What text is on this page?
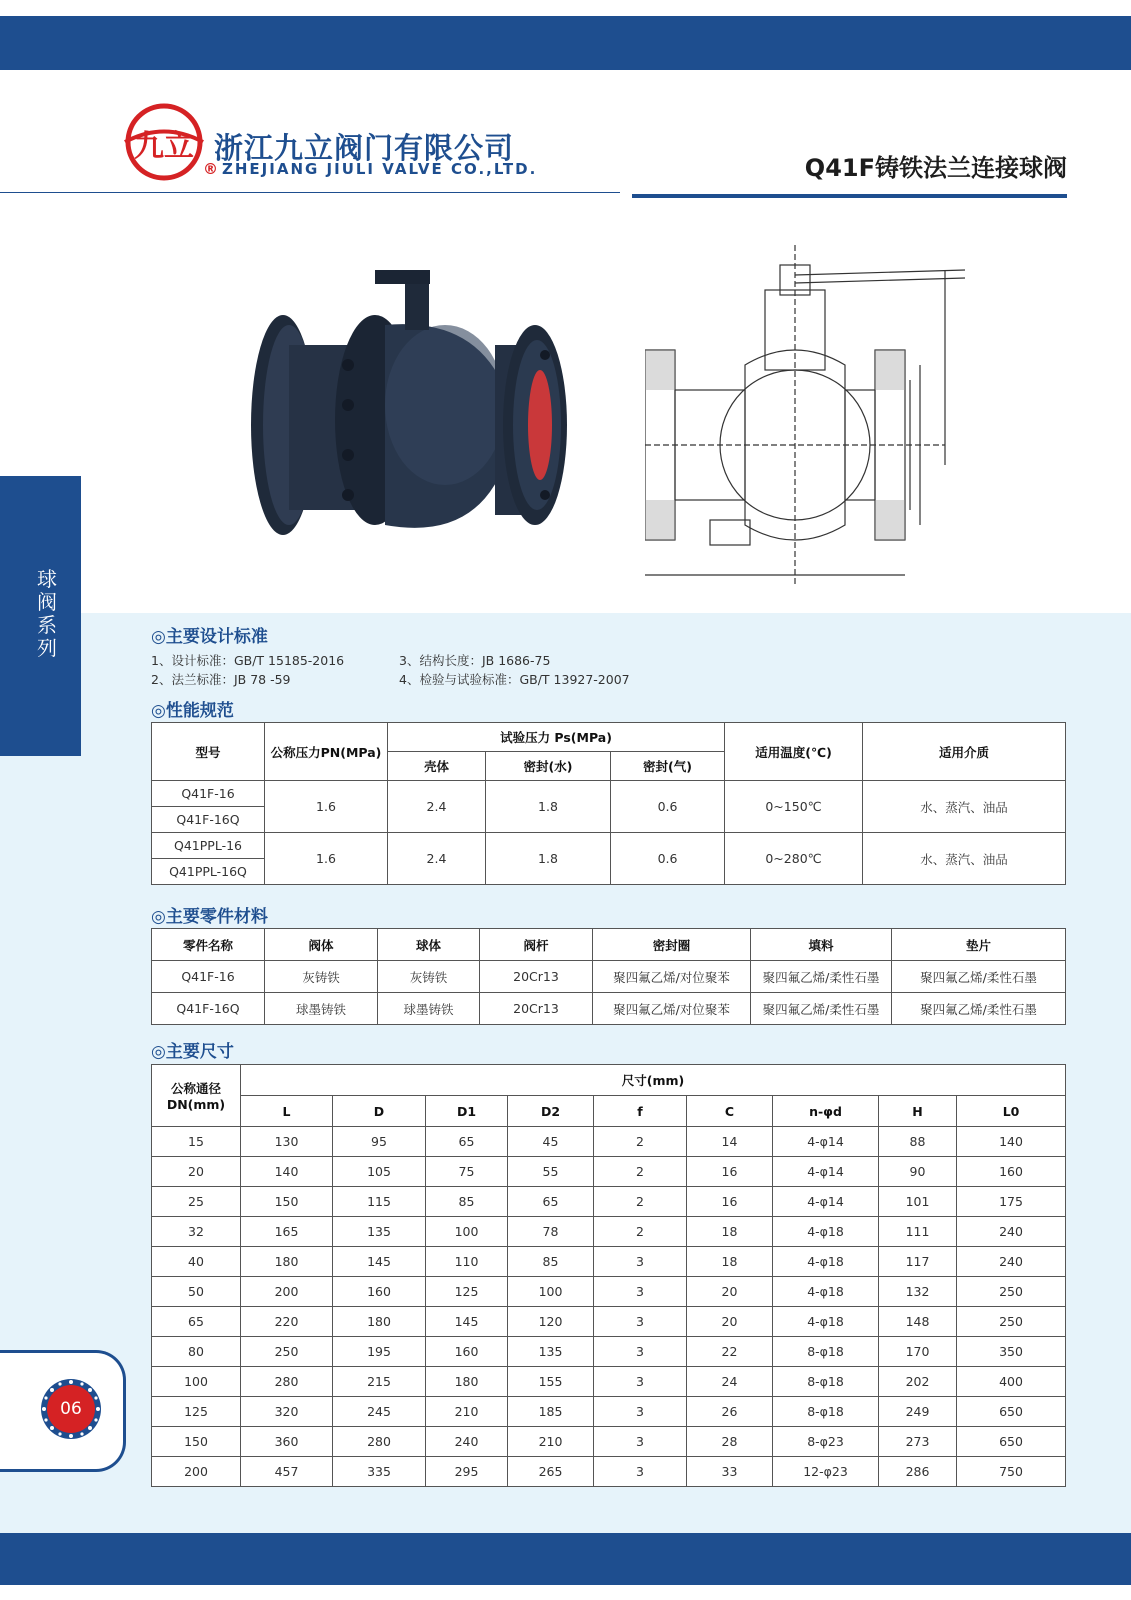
九立 浙江九立阀门有限公司
® ZHEJIANG JIULI VALVE CO.,LTD.	Q41F铸铁法兰连接球阀
球阀系列	◎主要设计标准
1、设计标准：GB/T 15185-2016
2、法兰标准：JB 78 -59
3、结构长度：JB 1686-75
4、检验与试验标准：GB/T 13927-2007
◎性能规范
型号	公称压力PN(MPa)	试验压力 Ps(MPa)			适用温度(℃)	适用介质
		壳体	密封(水)	密封(气)		
Q41F-16	1.6	2.4	1.8	0.6	0~150℃	水、蒸汽、油品
Q41F-16Q						
Q41PPL-16	1.6	2.4	1.8	0.6	0~280℃	水、蒸汽、油品
Q41PPL-16Q						
◎主要零件材料
零件名称	阀体	球体	阀杆	密封圈	填料	垫片
Q41F-16	灰铸铁	灰铸铁	20Cr13	聚四氟乙烯/对位聚苯	聚四氟乙烯/柔性石墨	聚四氟乙烯/柔性石墨
Q41F-16Q	球墨铸铁	球墨铸铁	20Cr13	聚四氟乙烯/对位聚苯	聚四氟乙烯/柔性石墨	聚四氟乙烯/柔性石墨
◎主要尺寸
公称通径DN(mm)	尺寸(mm)								
	L	D	D1	D2	f	C	n-φd	H	L0
15	130	95	65	45	2	14	4-φ14	88	140
20	140	105	75	55	2	16	4-φ14	90	160
25	150	115	85	65	2	16	4-φ14	101	175
32	165	135	100	78	2	18	4-φ18	111	240
40	180	145	110	85	3	18	4-φ18	117	240
50	200	160	125	100	3	20	4-φ18	132	250
65	220	180	145	120	3	20	4-φ18	148	250
80	250	195	160	135	3	22	8-φ18	170	350
100	280	215	180	155	3	24	8-φ18	202	400
125	320	245	210	185	3	26	8-φ18	249	650
150	360	280	240	210	3	28	8-φ23	273	650
200	457	335	295	265	3	33	12-φ23	286	750
06
